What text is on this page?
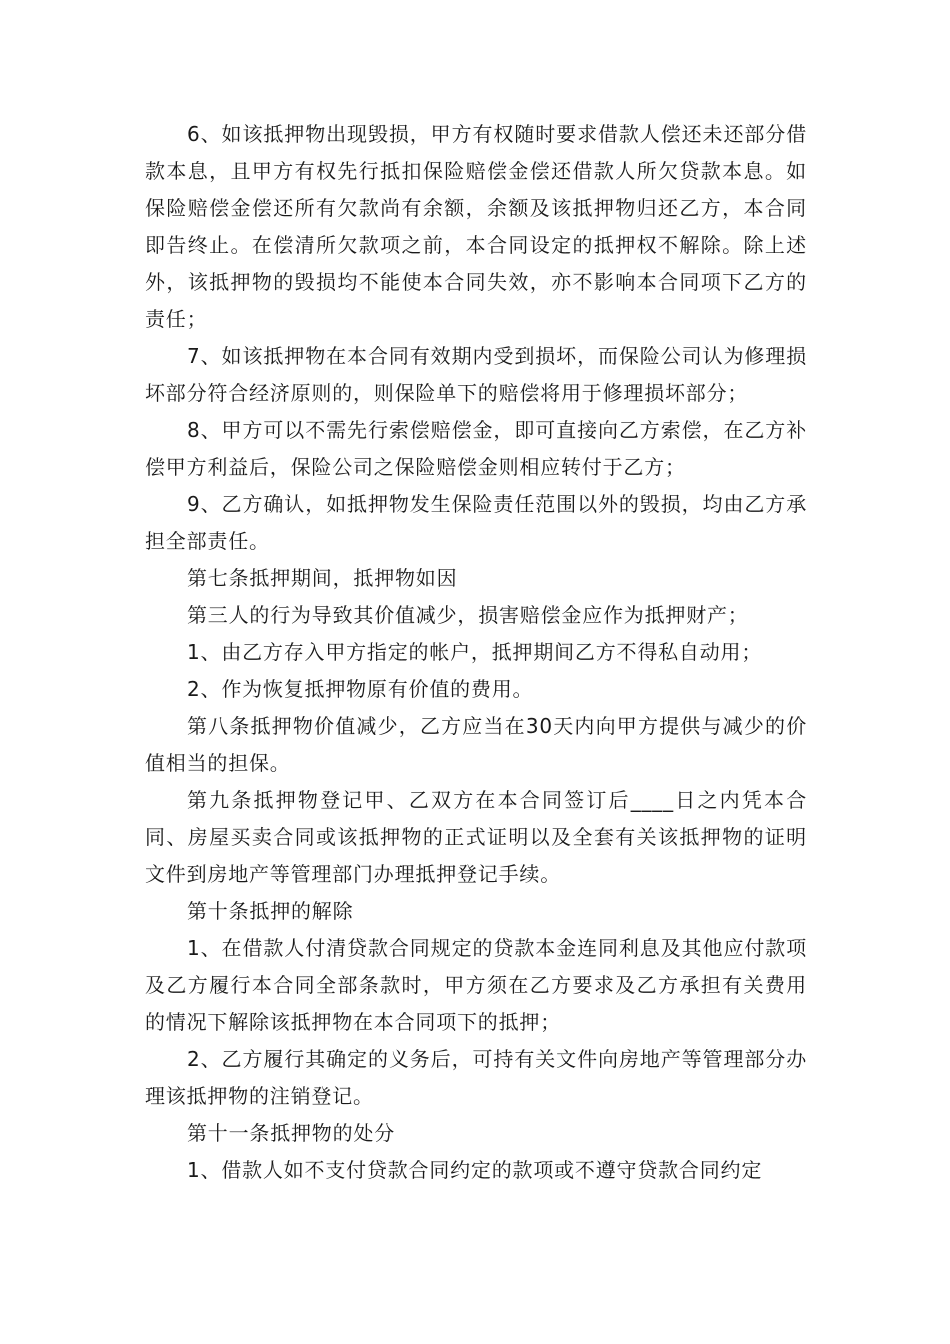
6、如该抵押物出现毁损，甲方有权随时要求借款人偿还未还部分借款本息，且甲方有权先行抵扣保险赔偿金偿还借款人所欠贷款本息。如保险赔偿金偿还所有欠款尚有余额，余额及该抵押物归还乙方，本合同即告终止。在偿清所欠款项之前，本合同设定的抵押权不解除。除上述外，该抵押物的毁损均不能使本合同失效，亦不影响本合同项下乙方的责任；

7、如该抵押物在本合同有效期内受到损坏，而保险公司认为修理损坏部分符合经济原则的，则保险单下的赔偿将用于修理损坏部分；

8、甲方可以不需先行索偿赔偿金，即可直接向乙方索偿，在乙方补偿甲方利益后，保险公司之保险赔偿金则相应转付于乙方；

9、乙方确认，如抵押物发生保险责任范围以外的毁损，均由乙方承担全部责任。

第七条抵押期间，抵押物如因

第三人的行为导致其价值减少，损害赔偿金应作为抵押财产；

1、由乙方存入甲方指定的帐户，抵押期间乙方不得私自动用；

2、作为恢复抵押物原有价值的费用。

第八条抵押物价值减少，乙方应当在30天内向甲方提供与减少的价值相当的担保。

第九条抵押物登记甲、乙双方在本合同签订后____日之内凭本合同、房屋买卖合同或该抵押物的正式证明以及全套有关该抵押物的证明文件到房地产等管理部门办理抵押登记手续。

第十条抵押的解除

1、在借款人付清贷款合同规定的贷款本金连同利息及其他应付款项及乙方履行本合同全部条款时，甲方须在乙方要求及乙方承担有关费用的情况下解除该抵押物在本合同项下的抵押；

2、乙方履行其确定的义务后，可持有关文件向房地产等管理部分办理该抵押物的注销登记。

第十一条抵押物的处分

1、借款人如不支付贷款合同约定的款项或不遵守贷款合同约定
